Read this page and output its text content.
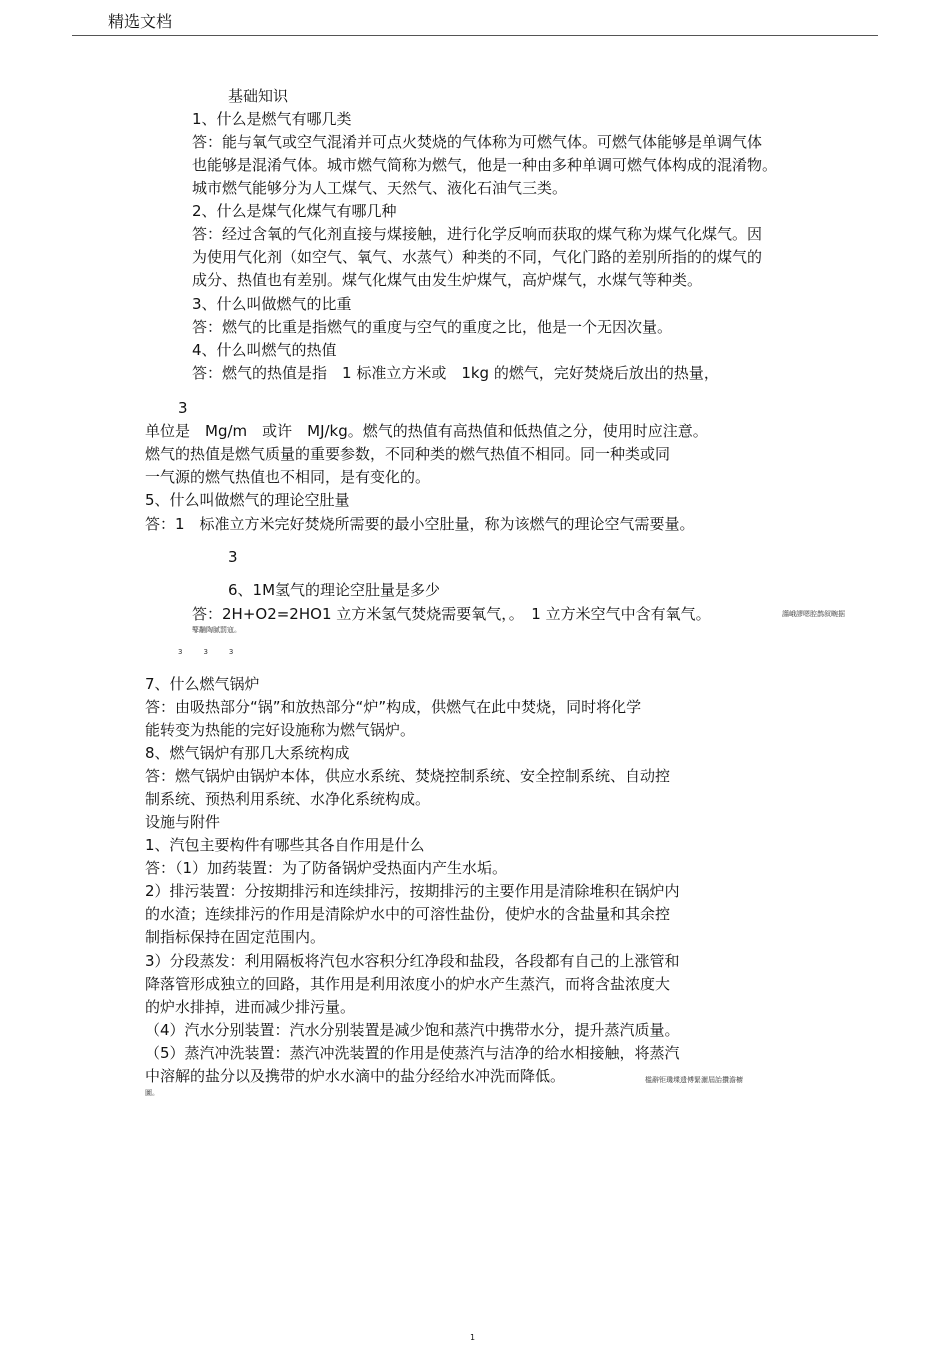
精选文档
基础知识
1、什么是燃气有哪几类
答：能与氧气或空气混淆并可点火焚烧的气体称为可燃气体。可燃气体能够是单调气体
也能够是混淆气体。城市燃气简称为燃气，他是一种由多种单调可燃气体构成的混淆物。
城市燃气能够分为人工煤气、天然气、液化石油气三类。
2、什么是煤气化煤气有哪几种
答：经过含氧的气化剂直接与煤接触，进行化学反响而获取的煤气称为煤气化煤气。因
为使用气化剂（如空气、氧气、水蒸气）种类的不同，气化门路的差别所指的的煤气的
成分、热值也有差别。煤气化煤气由发生炉煤气，高炉煤气，水煤气等种类。
3、什么叫做燃气的比重
答：燃气的比重是指燃气的重度与空气的重度之比，他是一个无因次量。
4、什么叫燃气的热值
答：燃气的热值是指　1 标准立方米或　1kg 的燃气，完好焚烧后放出的热量，
3
单位是　Mg/m　或许　MJ/kg。燃气的热值有高热值和低热值之分，使用时应注意。
燃气的热值是燃气质量的重要参数，不同种类的燃气热值不相同。同一种类或同
一气源的燃气热值也不相同，是有变化的。
5、什么叫做燃气的理论空肚量
答：1　标准立方米完好焚烧所需要的最小空肚量，称为该燃气的理论空气需要量。
3
6、1M氢气的理论空肚量是多少
答：2H+O2=2HO1 立方米氢气焚烧需要氧气，。　1 立方米空气中含有氧气。	譾峨謬嗯腔鹊叙畹据
鼕黼陶腻罰寇。
3　　　3　　　3
7、什么燃气锅炉
答：由吸热部分“锅”和放热部分“炉”构成，供燃气在此中焚烧，同时将化学
能转变为热能的完好设施称为燃气锅炉。
8、燃气锅炉有那几大系统构成
答：燃气锅炉由锅炉本体，供应水系统、焚烧控制系统、安全控制系统、自动控
制系统、预热利用系统、水净化系统构成。
设施与附件
1、汽包主要构件有哪些其各自作用是什么
答：（1）加药装置：为了防备锅炉受热面内产生水垢。
2）排污装置：分按期排污和连续排污，按期排污的主要作用是清除堆积在锅炉内
的水渣；连续排污的作用是清除炉水中的可溶性盐份，使炉水的含盐量和其余控
制指标保持在固定范围内。
3）分段蒸发：利用隔板将汽包水容积分红净段和盐段，各段都有自己的上涨管和
降落管形成独立的回路，其作用是利用浓度小的炉水产生蒸汽，而将含盐浓度大
的炉水排掉，进而减少排污量。
（4）汽水分别装置：汽水分别装置是减少饱和蒸汽中携带水分，提升蒸汽质量。
（5）蒸汽冲洗装置：蒸汽冲洗装置的作用是使蒸汽与洁净的给水相接触，将蒸汽
中溶解的盐分以及携带的炉水水滴中的盐分经给水冲洗而降低。	槛辭钜璣堞遗傅緊灑屆詒攢澹櫥
圖。
1
